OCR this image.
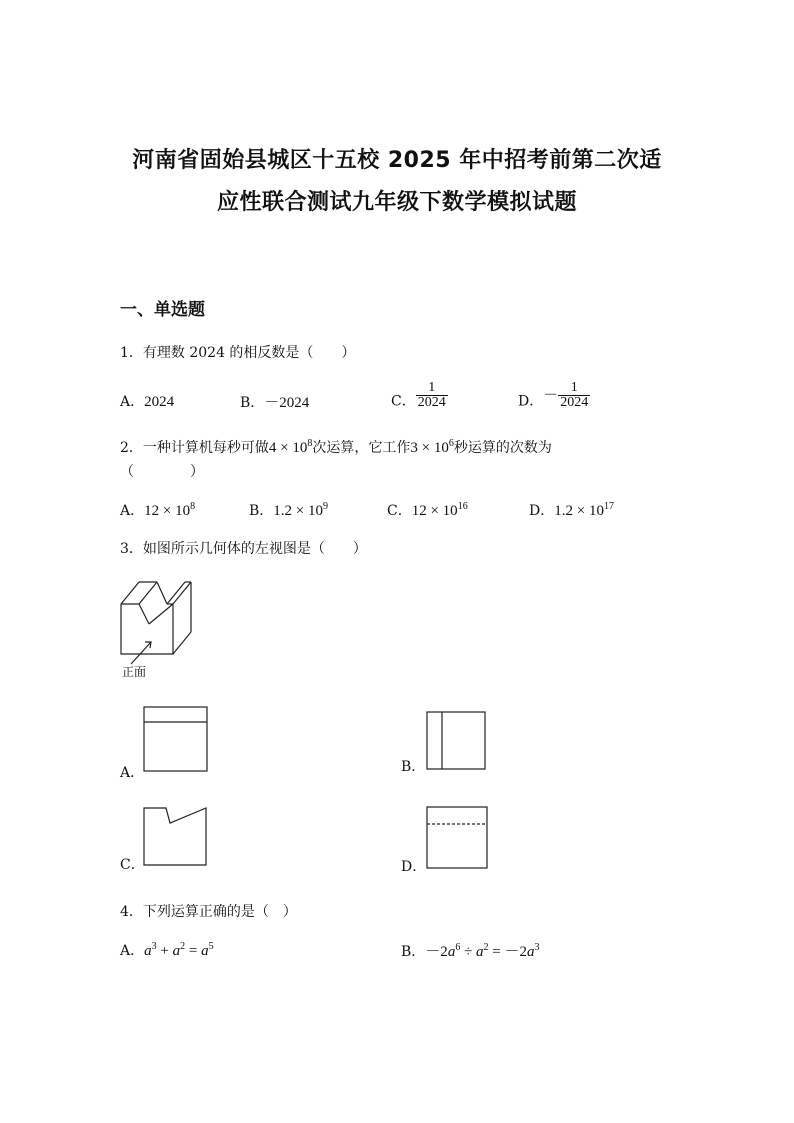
河南省固始县城区十五校 2025 年中招考前第二次适
应性联合测试九年级下数学模拟试题
一、单选题
1．有理数 2024 的相反数是（　　）
A．2024	B．－2024	C． $\frac{1}{2024}$	D．－ $\frac{1}{2024}$
2．一种计算机每秒可做$4 \times 10^8$次运算，它工作$3 \times 10^6$秒运算的次数为
（　　　　）
A．$12 \times 10^8$	B．$1.2 \times 10^9$	C．$12 \times 10^{16}$	D．$1.2 \times 10^{17}$
3．如图所示几何体的左视图是（　　）
正面
A．	B．
C．	D．
4．下列运算正确的是（　）
A．$a^3 + a^2 = a^5$	B．$-2a^6 \div a^2 = -2a^3$
